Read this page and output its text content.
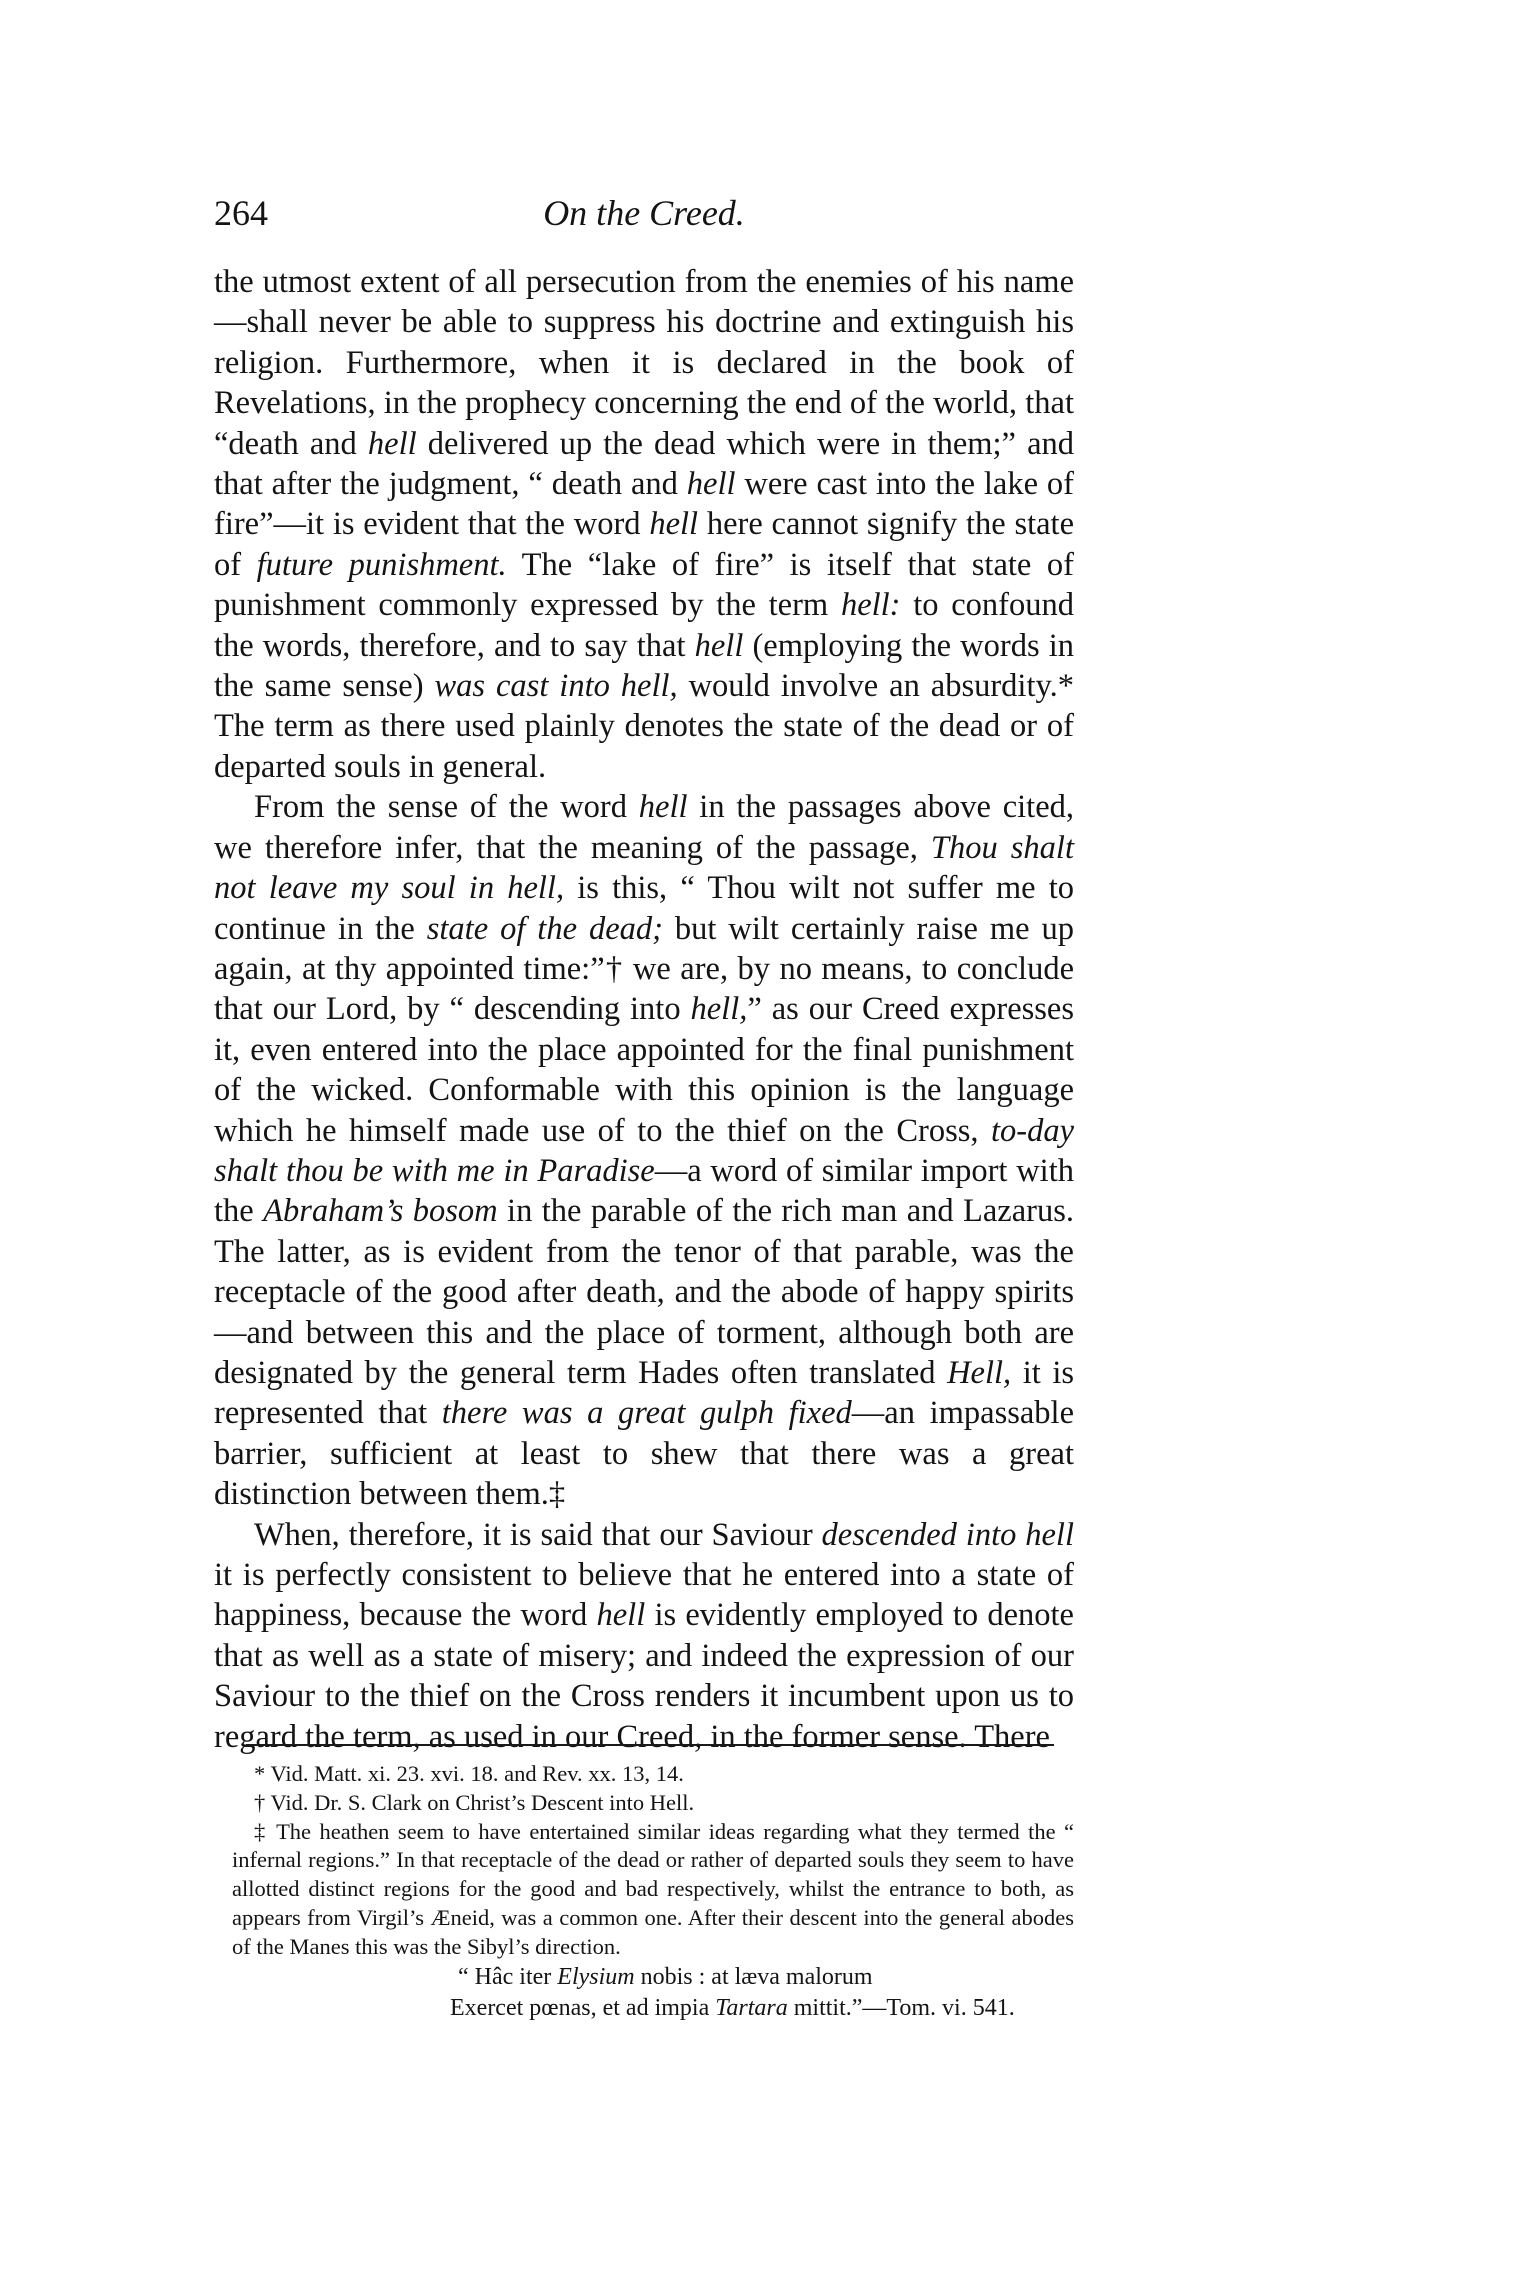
264	On the Creed.

the utmost extent of all persecution from the enemies of his name—shall never be able to suppress his doctrine and extinguish his religion. Furthermore, when it is declared in the book of Revelations, in the prophecy concerning the end of the world, that “death and hell delivered up the dead which were in them;” and that after the judgment, “ death and hell were cast into the lake of fire”—it is evident that the word hell here cannot signify the state of future punishment. The “lake of fire” is itself that state of punishment commonly expressed by the term hell: to confound the words, therefore, and to say that hell (employing the words in the same sense) was cast into hell, would involve an absurdity.* The term as there used plainly denotes the state of the dead or of departed souls in general.

From the sense of the word hell in the passages above cited, we therefore infer, that the meaning of the passage, Thou shalt not leave my soul in hell, is this, “ Thou wilt not suffer me to continue in the state of the dead; but wilt certainly raise me up again, at thy appointed time:”† we are, by no means, to conclude that our Lord, by “ descending into hell,” as our Creed expresses it, even entered into the place appointed for the final punishment of the wicked. Conformable with this opinion is the language which he himself made use of to the thief on the Cross, to-day shalt thou be with me in Paradise—a word of similar import with the Abraham’s bosom in the parable of the rich man and Lazarus. The latter, as is evident from the tenor of that parable, was the receptacle of the good after death, and the abode of happy spirits—and between this and the place of torment, although both are designated by the general term Hades often translated Hell, it is represented that there was a great gulph fixed—an impassable barrier, sufficient at least to shew that there was a great distinction between them.‡

When, therefore, it is said that our Saviour descended into hell it is perfectly consistent to believe that he entered into a state of happiness, because the word hell is evidently employed to denote that as well as a state of misery; and indeed the expression of our Saviour to the thief on the Cross renders it incumbent upon us to regard the term, as used in our Creed, in the former sense. There

* Vid. Matt. xi. 23. xvi. 18. and Rev. xx. 13, 14.

† Vid. Dr. S. Clark on Christ’s Descent into Hell.

‡ The heathen seem to have entertained similar ideas regarding what they termed the “ infernal regions.” In that receptacle of the dead or rather of departed souls they seem to have allotted distinct regions for the good and bad respectively, whilst the entrance to both, as appears from Virgil’s Æneid, was a common one. After their descent into the general abodes of the Manes this was the Sibyl’s direction.

“ Hâc iter Elysium nobis : at læva malorum

Exercet pœnas, et ad impia Tartara mittit.”—Tom. vi. 541.
